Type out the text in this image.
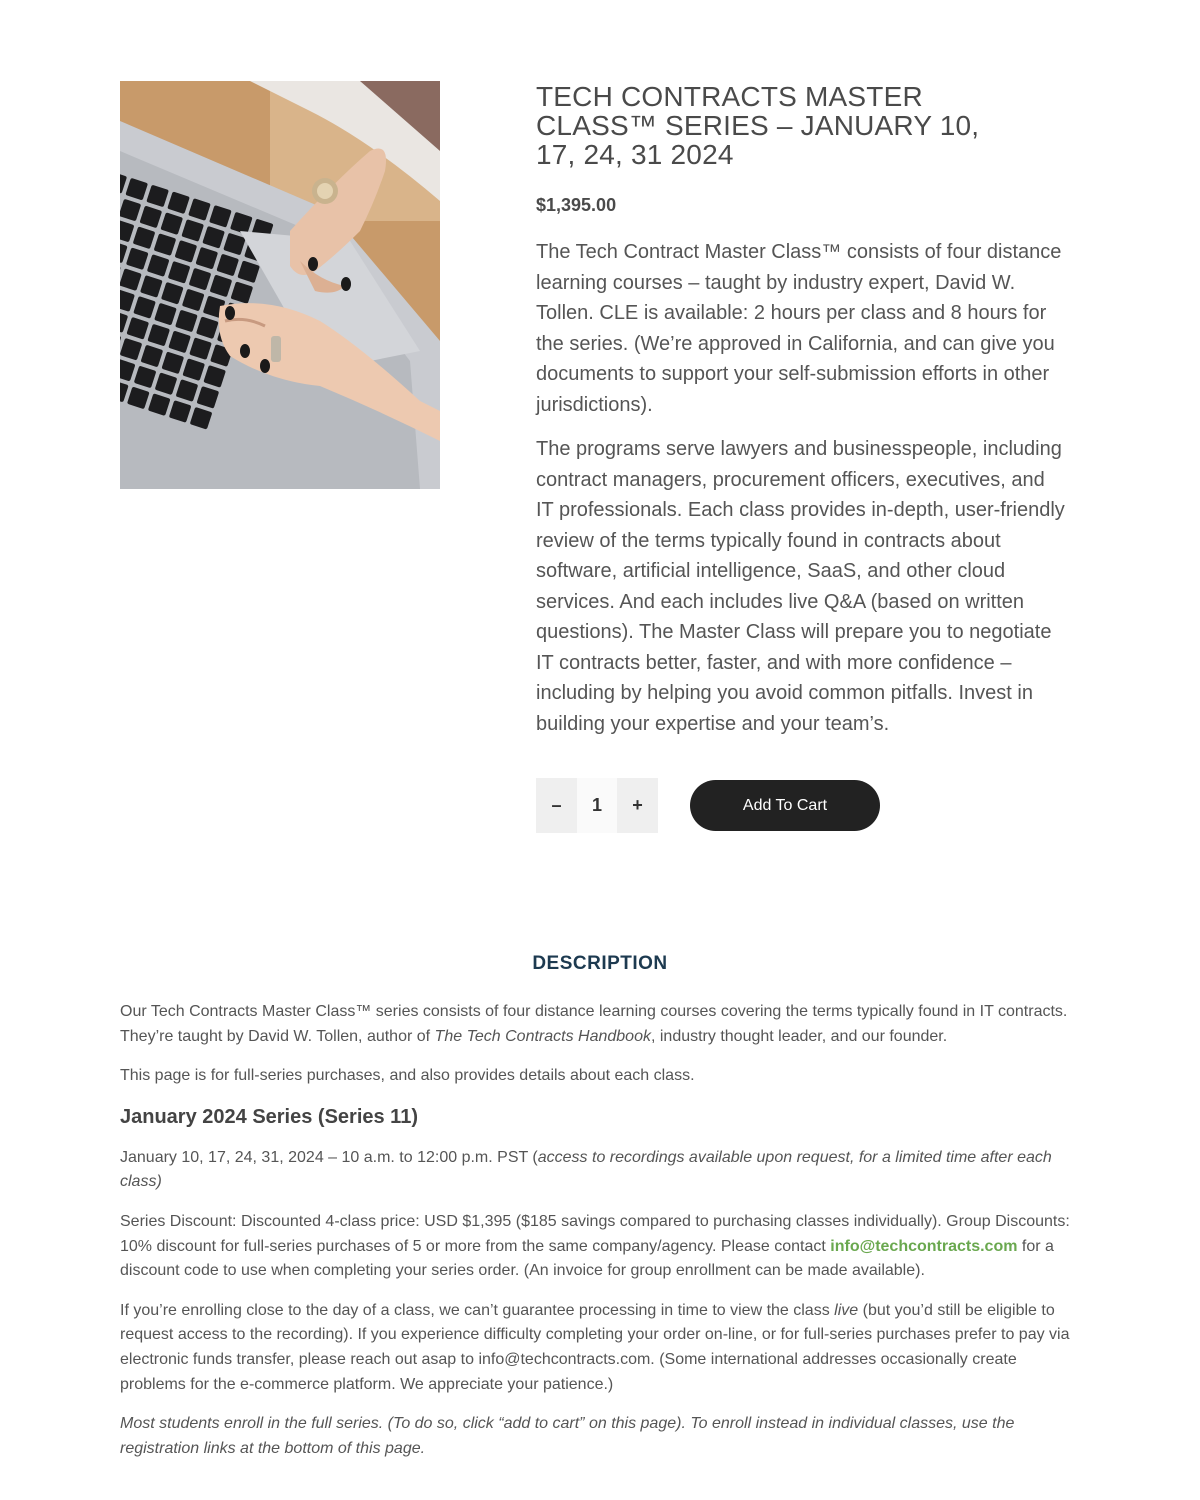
TECH CONTRACTS MASTER CLASS™ SERIES – JANUARY 10, 17, 24, 31 2024
$1,395.00

The Tech Contract Master Class™ consists of four distance learning courses – taught by industry expert, David W. Tollen. CLE is available: 2 hours per class and 8 hours for the series. (We’re approved in California, and can give you documents to support your self-submission efforts in other jurisdictions).

The programs serve lawyers and businesspeople, including contract managers, procurement officers, executives, and IT professionals. Each class provides in-depth, user-friendly review of the terms typically found in contracts about software, artificial intelligence, SaaS, and other cloud services. And each includes live Q&A (based on written questions). The Master Class will prepare you to negotiate IT contracts better, faster, and with more confidence – including by helping you avoid common pitfalls. Invest in building your expertise and your team’s.

–
1	+	Add To Cart
DESCRIPTION

Our Tech Contracts Master Class™ series consists of four distance learning courses covering the terms typically found in IT contracts. They’re taught by David W. Tollen, author of The Tech Contracts Handbook, industry thought leader, and our founder.

This page is for full-series purchases, and also provides details about each class.

January 2024 Series (Series 11)

January 10, 17, 24, 31, 2024 – 10 a.m. to 12:00 p.m. PST (access to recordings available upon request, for a limited time after each class)

Series Discount: Discounted 4-class price: USD $1,395 ($185 savings compared to purchasing classes individually). Group Discounts: 10% discount for full-series purchases of 5 or more from the same company/agency. Please contact info@techcontracts.com for a discount code to use when completing your series order. (An invoice for group enrollment can be made available).

If you’re enrolling close to the day of a class, we can’t guarantee processing in time to view the class live (but you’d still be eligible to request access to the recording). If you experience difficulty completing your order on-line, or for full-series purchases prefer to pay via electronic funds transfer, please reach out asap to info@techcontracts.com. (Some international addresses occasionally create problems for the e-commerce platform. We appreciate your patience.)

Most students enroll in the full series. (To do so, click “add to cart” on this page). To enroll instead in individual classes, use the registration links at the bottom of this page.
